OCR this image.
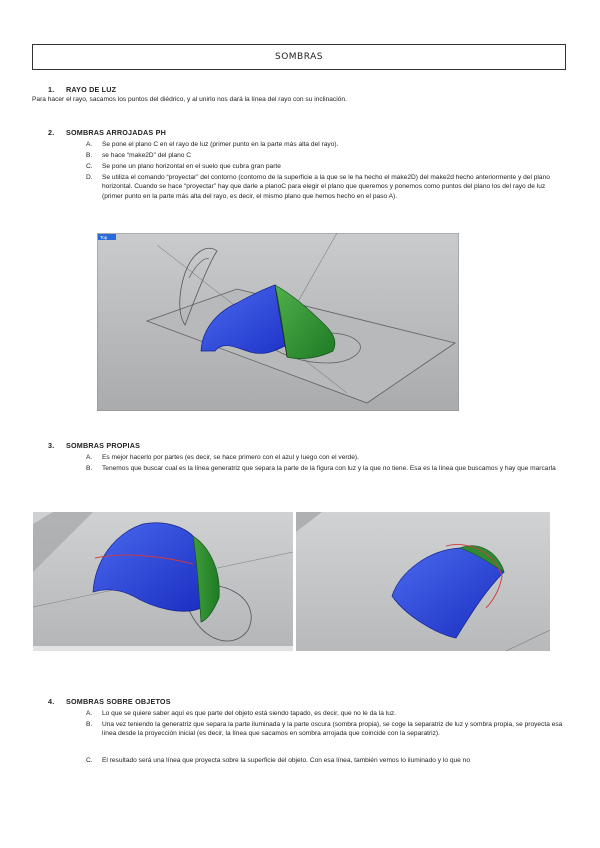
SOMBRAS
1. RAYO DE LUZ
Para hacer el rayo, sacamos los puntos del diédrico, y al unirlo nos dará la línea del rayo con su inclinación.
2. SOMBRAS ARROJADAS PH
A. Se pone el plano C en el rayo de luz (primer punto en la parte más alta del rayo).
B. se hace “make2D” del plano C
C. Se pone un plano horizontal en el suelo que cubra gran parte
D. Se utiliza el comando “proyectar” del contorno (contorno de la superficie a la que se le ha hecho el make2D) del make2d hecho anteriormente y del plano horizontal. Cuando se hace “proyectar” hay que darle a planoC para elegir el plano que queremos y ponemos como puntos del plano los del rayo de luz (primer punto en la parte más alta del rayo, es decir, el mismo plano que hemos hecho en el paso A).
Top
3. SOMBRAS PROPIAS
A. Es mejor hacerlo por partes (es decir, se hace primero con el azul y luego con el verde).
B. Tenemos que buscar cual es la línea generatriz que separa la parte de la figura con luz y la que no tiene. Esa es la línea que buscamos y hay que marcarla
4. SOMBRAS SOBRE OBJETOS
A. Lo que se quiere saber aquí es que parte del objeto está siendo tapado, es decir, que no le da la luz.
B. Una vez teniendo la generatriz que separa la parte iluminada y la parte oscura (sombra propia), se coge la separatriz de luz y sombra propia, se proyecta esa línea desde la proyección inicial (es decir, la línea que sacamos en sombra arrojada que coincide con la separatriz).
C. El resultado será una línea que proyecta sobre la superficie del objeto. Con esa línea, también vemos lo iluminado y lo que no
